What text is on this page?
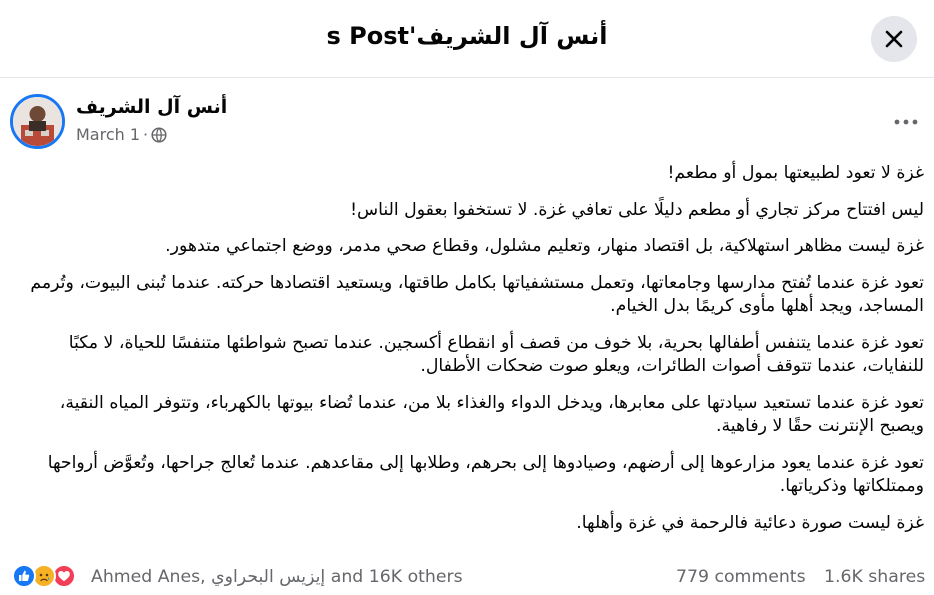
أنس آل الشريف's Post
أنس آل الشريف
March 1 ·

غزة لا تعود لطبيعتها بمول أو مطعم!

ليس افتتاح مركز تجاري أو مطعم دليلًا على تعافي غزة. لا تستخفوا بعقول الناس!

غزة ليست مظاهر استهلاكية، بل اقتصاد منهار، وتعليم مشلول، وقطاع صحي مدمر، ووضع اجتماعي متدهور.

تعود غزة عندما تُفتح مدارسها وجامعاتها، وتعمل مستشفياتها بكامل طاقتها، ويستعيد اقتصادها حركته. عندما تُبنى البيوت، وتُرمم المساجد، ويجد أهلها مأوى كريمًا بدل الخيام.

تعود غزة عندما يتنفس أطفالها بحرية، بلا خوف من قصف أو انقطاع أكسجين. عندما تصبح شواطئها متنفسًا للحياة، لا مكبًا للنفايات، عندما تتوقف أصوات الطائرات، ويعلو صوت ضحكات الأطفال.

تعود غزة عندما تستعيد سيادتها على معابرها، ويدخل الدواء والغذاء بلا من، عندما تُضاء بيوتها بالكهرباء، وتتوفر المياه النقية، ويصبح الإنترنت حقًا لا رفاهية.

تعود غزة عندما يعود مزارعوها إلى أرضهم، وصيادوها إلى بحرهم، وطلابها إلى مقاعدهم. عندما تُعالج جراحها، وتُعوَّض أرواحها وممتلكاتها وذكرياتها.

غزة ليست صورة دعائية فالرحمة في غزة وأهلها.

Ahmed Anes, إيزيس البحراوي and 16K others	779 comments 1.6K shares
